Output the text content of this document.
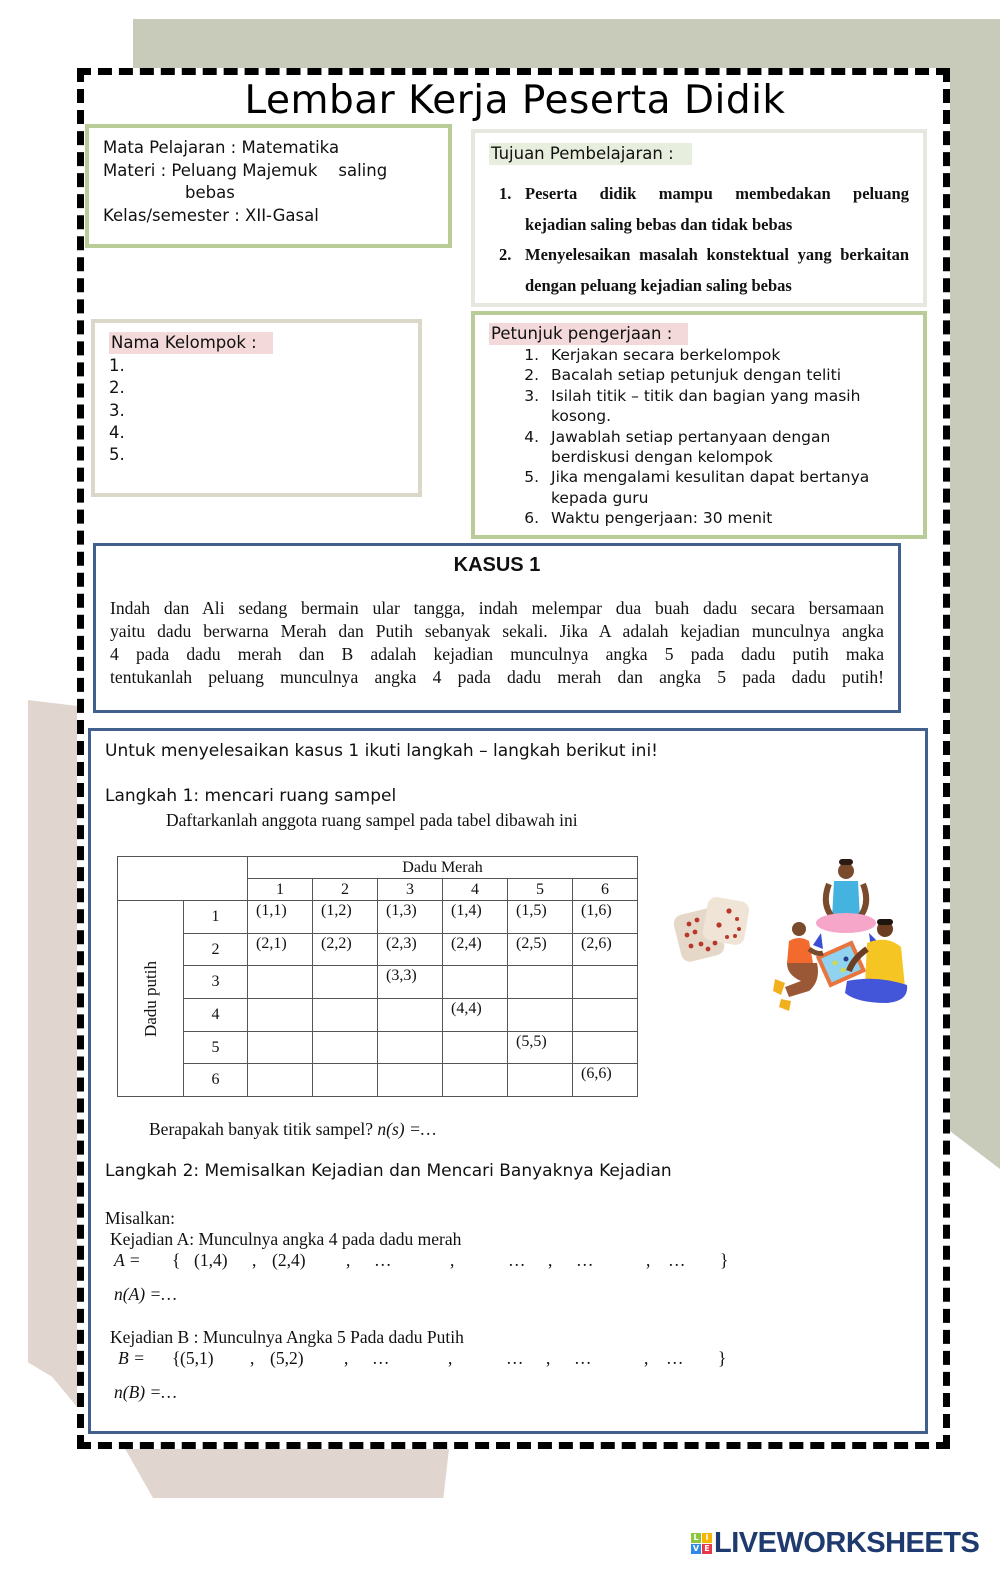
Lembar Kerja Peserta Didik
Mata Pelajaran : Matematika
Materi : Peluang Majemuk    saling
bebas
Kelas/semester : XII-Gasal
Tujuan Pembelajaran :
1. Peserta didik mampu membedakan peluang
kejadian saling bebas dan tidak bebas
2. Menyelesaikan masalah konstektual yang berkaitan
dengan peluang kejadian saling bebas
Nama Kelompok :
1.
2.
3.
4.
5.
Petunjuk pengerjaan :
1. Kerjakan secara berkelompok
2. Bacalah setiap petunjuk dengan teliti
3. Isilah titik – titik dan bagian yang masih
kosong.
4. Jawablah setiap pertanyaan dengan
berdiskusi dengan kelompok
5. Jika mengalami kesulitan dapat bertanya
kepada guru
6. Waktu pengerjaan: 30 menit
KASUS 1

Indah dan Ali sedang bermain ular tangga, indah melempar dua buah dadu secara bersamaan

yaitu dadu berwarna Merah dan Putih sebanyak sekali. Jika A adalah kejadian munculnya angka

4 pada dadu merah dan B adalah kejadian munculnya angka 5 pada dadu putih maka

tentukanlah peluang munculnya angka 4 pada dadu merah dan angka 5 pada dadu putih!

Untuk menyelesaikan kasus 1 ikuti langkah – langkah berikut ini!
Langkah 1: mencari ruang sampel
Daftarkanlah anggota ruang sampel pada tabel dibawah ini
		Dadu Merah					
		1	2	3	4	5	6

Dadu putih	1	(1,1)	(1,2)	(1,3)	(1,4)	(1,5)	(1,6)
	2	(2,1)	(2,2)	(2,3)	(2,4)	(2,5)	(2,6)
	3			(3,3)			
	4				(4,4)		
	5					(5,5)	
	6						(6,6)
Berapakah banyak titik sampel? n(s) =…
Langkah 2: Memisalkan Kejadian dan Mencari Banyaknya Kejadian
Misalkan:
Kejadian A: Munculnya angka 4 pada dadu merah
A =	{ (1,4)	, (2,4)	,	…	,	…	,	…	,	…	}
n(A) =…
Kejadian B : Munculnya Angka 5 Pada dadu Putih
B =	{ (5,1)	, (5,2)	,	…	,	…	,	…	,	…	}
n(B) =…
L I
V E LIVEWORKSHEETS
